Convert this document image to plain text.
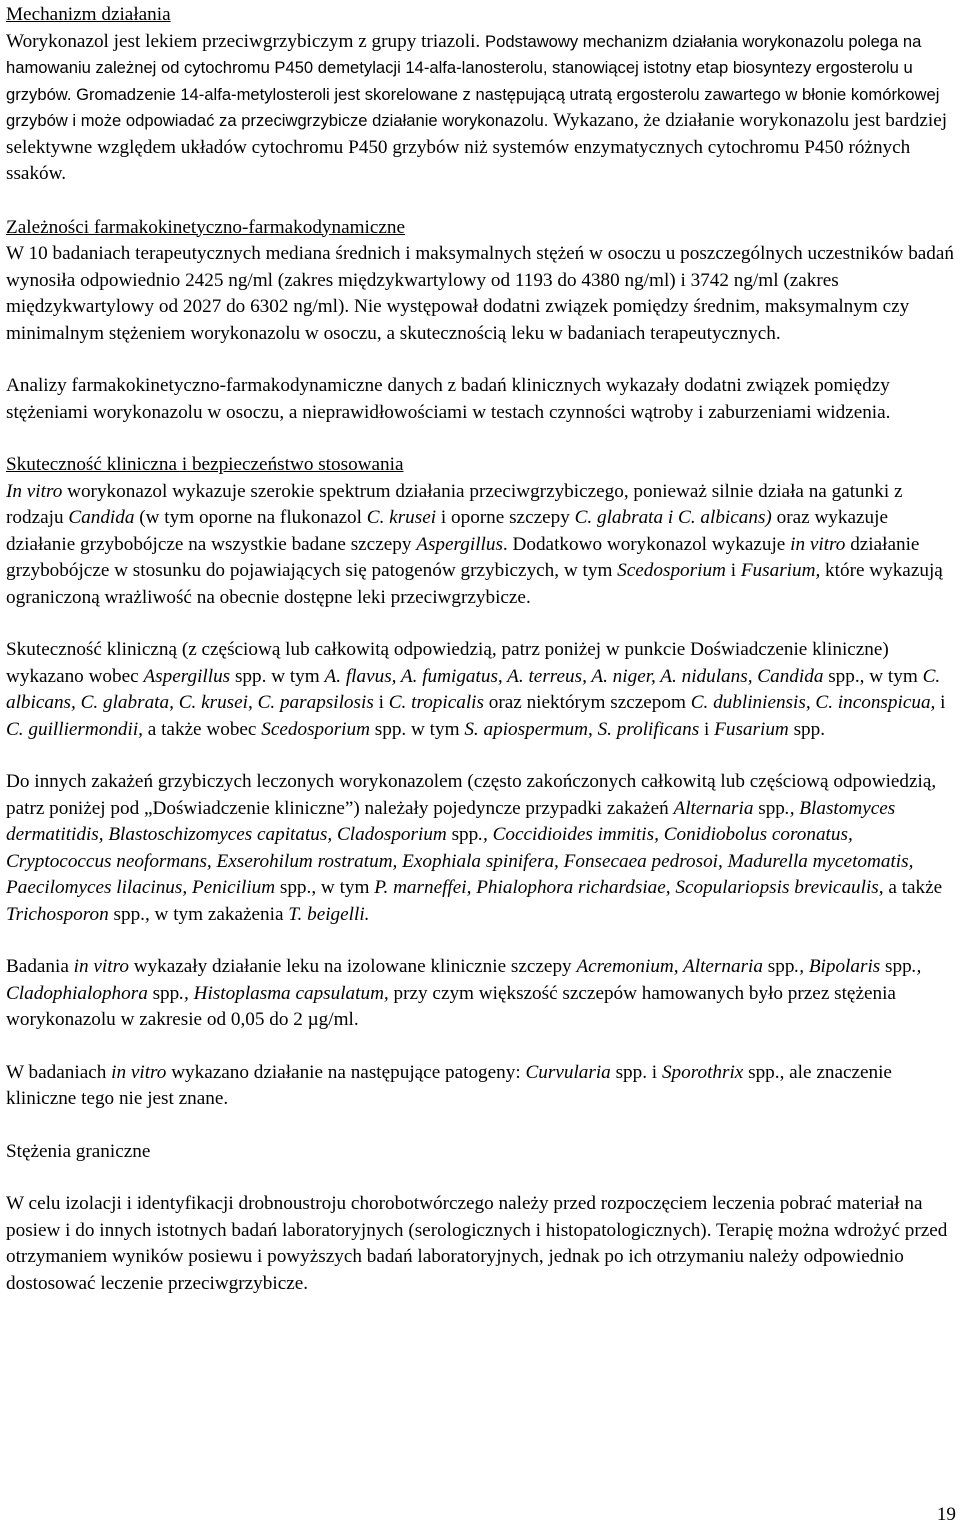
Mechanizm działania

Worykonazol jest lekiem przeciwgrzybiczym z grupy triazoli. Podstawowy mechanizm działania worykonazolu polega na hamowaniu zależnej od cytochromu P450 demetylacji 14-alfa-lanosterolu, stanowiącej istotny etap biosyntezy ergosterolu u grzybów. Gromadzenie 14-alfa-metylosteroli jest skorelowane z następującą utratą ergosterolu zawartego w błonie komórkowej grzybów i może odpowiadać za przeciwgrzybicze działanie worykonazolu. Wykazano, że działanie worykonazolu jest bardziej selektywne względem układów cytochromu P450 grzybów niż systemów enzymatycznych cytochromu P450 różnych ssaków.

Zależności farmakokinetyczno-farmakodynamiczne

W 10 badaniach terapeutycznych mediana średnich i maksymalnych stężeń w osoczu u poszczególnych uczestników badań wynosiła odpowiednio 2425 ng/ml (zakres międzykwartylowy od 1193 do 4380 ng/ml) i 3742 ng/ml (zakres międzykwartylowy od 2027 do 6302 ng/ml). Nie występował dodatni związek pomiędzy średnim, maksymalnym czy minimalnym stężeniem worykonazolu w osoczu, a skutecznością leku w badaniach terapeutycznych.

Analizy farmakokinetyczno-farmakodynamiczne danych z badań klinicznych wykazały dodatni związek pomiędzy stężeniami worykonazolu w osoczu, a nieprawidłowościami w testach czynności wątroby i zaburzeniami widzenia.

Skuteczność kliniczna i bezpieczeństwo stosowania

In vitro worykonazol wykazuje szerokie spektrum działania przeciwgrzybiczego, ponieważ silnie działa na gatunki z rodzaju Candida (w tym oporne na flukonazol C. krusei i oporne szczepy C. glabrata i C. albicans) oraz wykazuje działanie grzybobójcze na wszystkie badane szczepy Aspergillus. Dodatkowo worykonazol wykazuje in vitro działanie grzybobójcze w stosunku do pojawiających się patogenów grzybiczych, w tym Scedosporium i Fusarium, które wykazują ograniczoną wrażliwość na obecnie dostępne leki przeciwgrzybicze.

Skuteczność kliniczną (z częściową lub całkowitą odpowiedzią, patrz poniżej w punkcie Doświadczenie kliniczne) wykazano wobec Aspergillus spp. w tym A. flavus, A. fumigatus, A. terreus, A. niger, A. nidulans, Candida spp., w tym C. albicans, C. glabrata, C. krusei, C. parapsilosis i C. tropicalis oraz niektórym szczepom C. dubliniensis, C. inconspicua, i C. guilliermondii, a także wobec Scedosporium spp. w tym S. apiospermum, S. prolificans i Fusarium spp.

Do innych zakażeń grzybiczych leczonych worykonazolem (często zakończonych całkowitą lub częściową odpowiedzią, patrz poniżej pod „Doświadczenie kliniczne”) należały pojedyncze przypadki zakażeń Alternaria spp., Blastomyces dermatitidis, Blastoschizomyces capitatus, Cladosporium spp., Coccidioides immitis, Conidiobolus coronatus, Cryptococcus neoformans, Exserohilum rostratum, Exophiala spinifera, Fonsecaea pedrosoi, Madurella mycetomatis, Paecilomyces lilacinus, Penicilium spp., w tym P. marneffei, Phialophora richardsiae, Scopulariopsis brevicaulis, a także Trichosporon spp., w tym zakażenia T. beigelli.

Badania in vitro wykazały działanie leku na izolowane klinicznie szczepy Acremonium, Alternaria spp., Bipolaris spp., Cladophialophora spp., Histoplasma capsulatum, przy czym większość szczepów hamowanych było przez stężenia worykonazolu w zakresie od 0,05 do 2 µg/ml.

W badaniach in vitro wykazano działanie na następujące patogeny: Curvularia spp. i Sporothrix spp., ale znaczenie kliniczne tego nie jest znane.

Stężenia graniczne

W celu izolacji i identyfikacji drobnoustroju chorobotwórczego należy przed rozpoczęciem leczenia pobrać materiał na posiew i do innych istotnych badań laboratoryjnych (serologicznych i histopatologicznych). Terapię można wdrożyć przed otrzymaniem wyników posiewu i powyższych badań laboratoryjnych, jednak po ich otrzymaniu należy odpowiednio dostosować leczenie przeciwgrzybicze.

19
